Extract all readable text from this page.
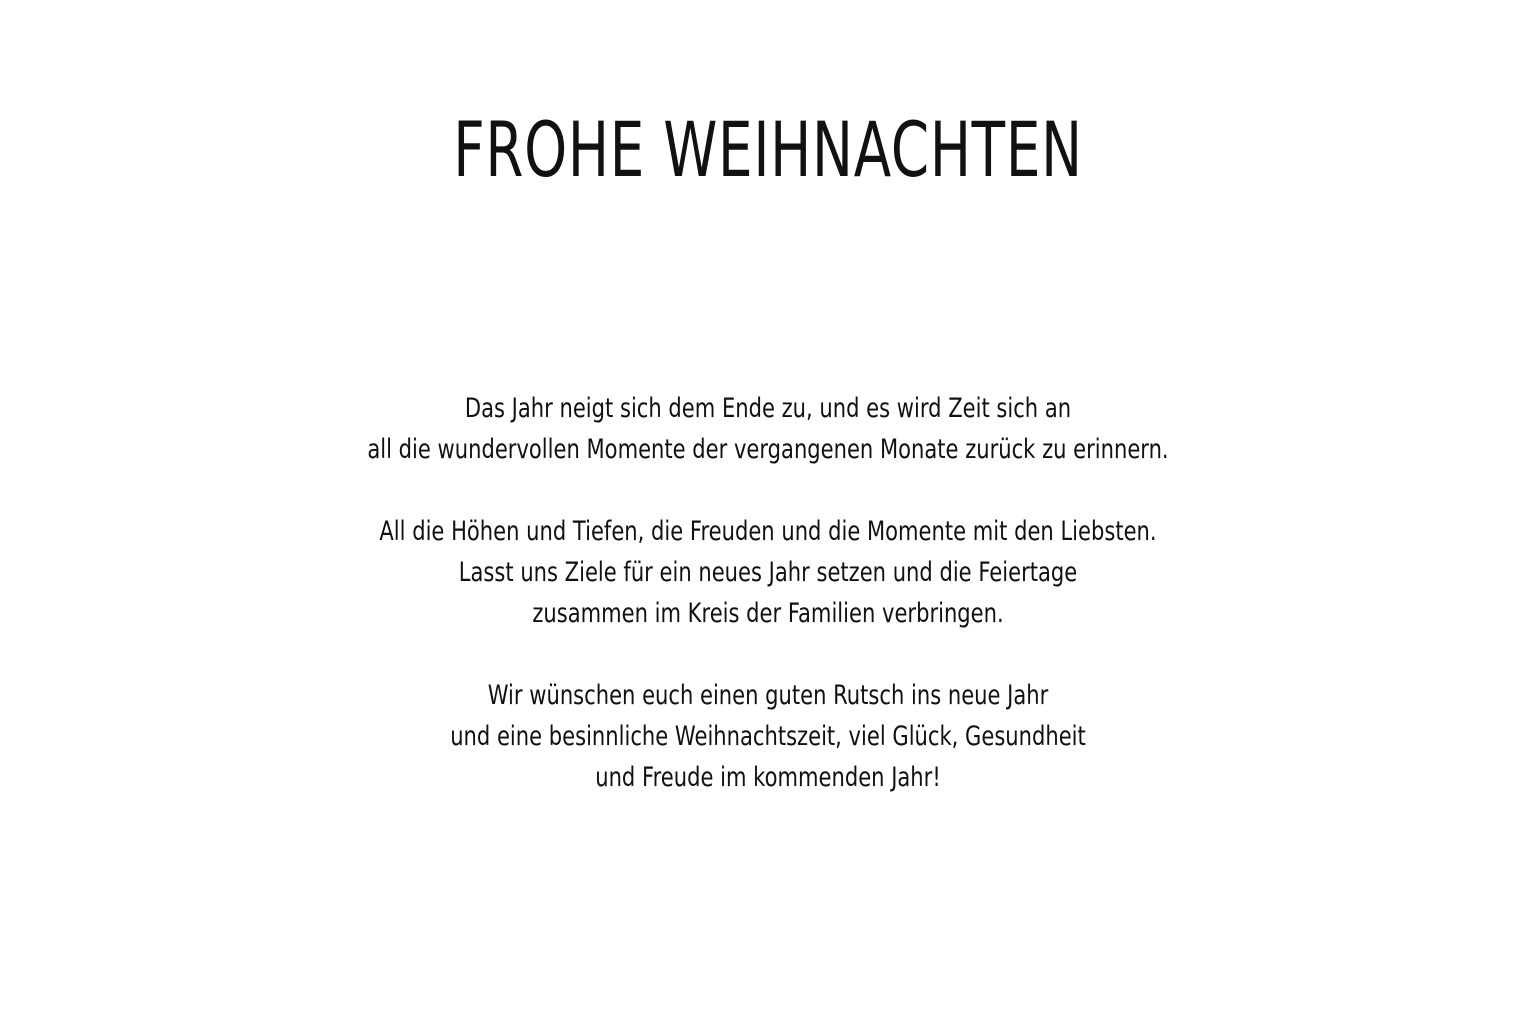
FROHE WEIHNACHTEN
Das Jahr neigt sich dem Ende zu, und es wird Zeit sich an
all die wundervollen Momente der vergangenen Monate zurück zu erinnern.
All die Höhen und Tiefen, die Freuden und die Momente mit den Liebsten.
Lasst uns Ziele für ein neues Jahr setzen und die Feiertage
zusammen im Kreis der Familien verbringen.
Wir wünschen euch einen guten Rutsch ins neue Jahr
und eine besinnliche Weihnachtszeit, viel Glück, Gesundheit
und Freude im kommenden Jahr!
